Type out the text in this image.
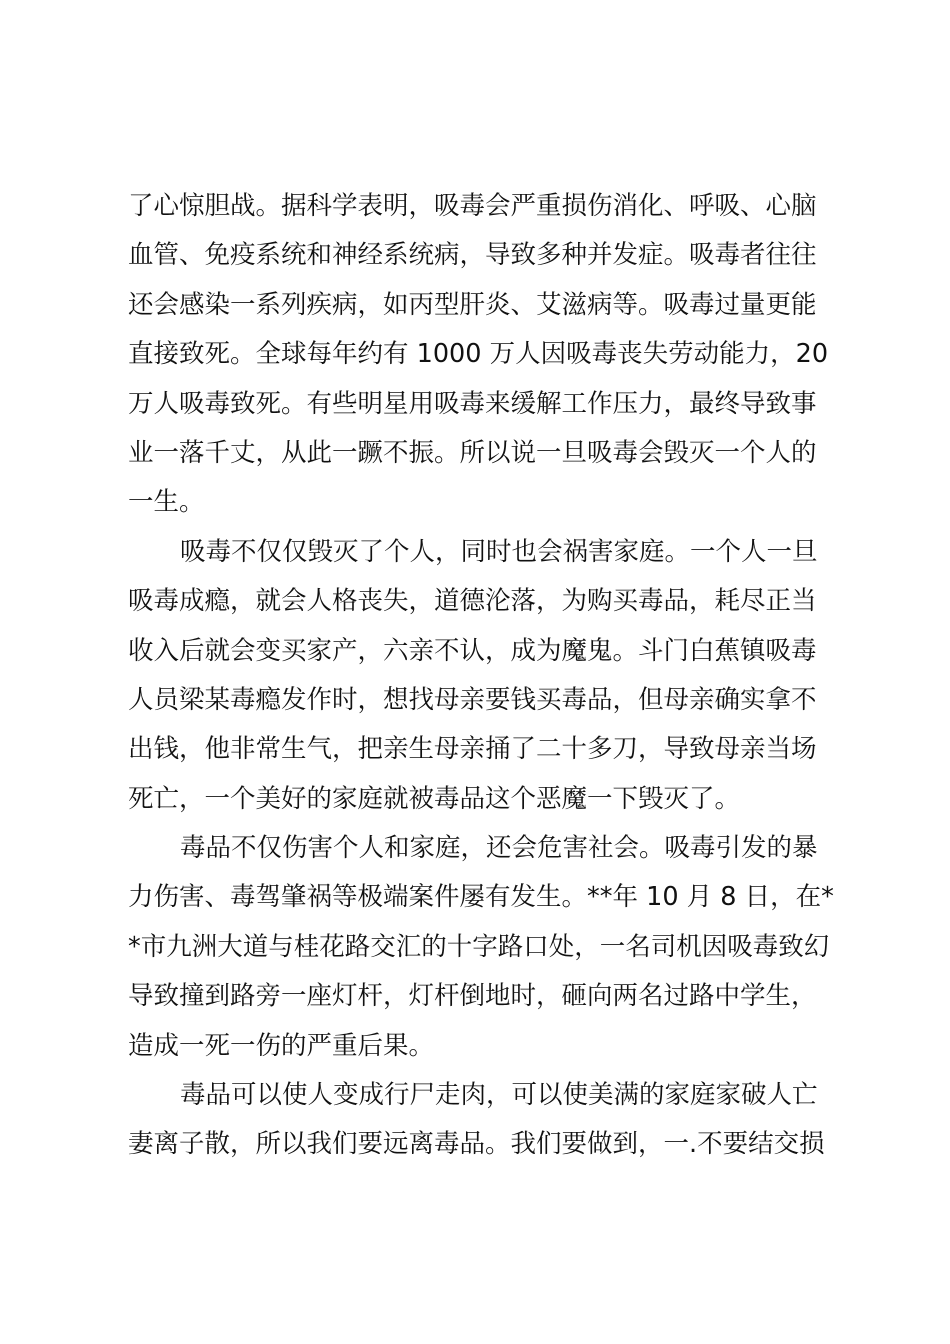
了心惊胆战。据科学表明，吸毒会严重损伤消化、呼吸、心脑
血管、免疫系统和神经系统病，导致多种并发症。吸毒者往往
还会感染一系列疾病，如丙型肝炎、艾滋病等。吸毒过量更能
直接致死。全球每年约有 1000 万人因吸毒丧失劳动能力，20
万人吸毒致死。有些明星用吸毒来缓解工作压力，最终导致事
业一落千丈，从此一蹶不振。所以说一旦吸毒会毁灭一个人的
一生。
吸毒不仅仅毁灭了个人，同时也会祸害家庭。一个人一旦
吸毒成瘾，就会人格丧失，道德沦落，为购买毒品，耗尽正当
收入后就会变买家产，六亲不认，成为魔鬼。斗门白蕉镇吸毒
人员梁某毒瘾发作时，想找母亲要钱买毒品，但母亲确实拿不
出钱，他非常生气，把亲生母亲捅了二十多刀，导致母亲当场
死亡，一个美好的家庭就被毒品这个恶魔一下毁灭了。
毒品不仅伤害个人和家庭，还会危害社会。吸毒引发的暴
力伤害、毒驾肇祸等极端案件屡有发生。**年 10 月 8 日，在*
*市九洲大道与桂花路交汇的十字路口处，一名司机因吸毒致幻
导致撞到路旁一座灯杆，灯杆倒地时，砸向两名过路中学生，
造成一死一伤的严重后果。
毒品可以使人变成行尸走肉，可以使美满的家庭家破人亡
妻离子散，所以我们要远离毒品。我们要做到，一.不要结交损
